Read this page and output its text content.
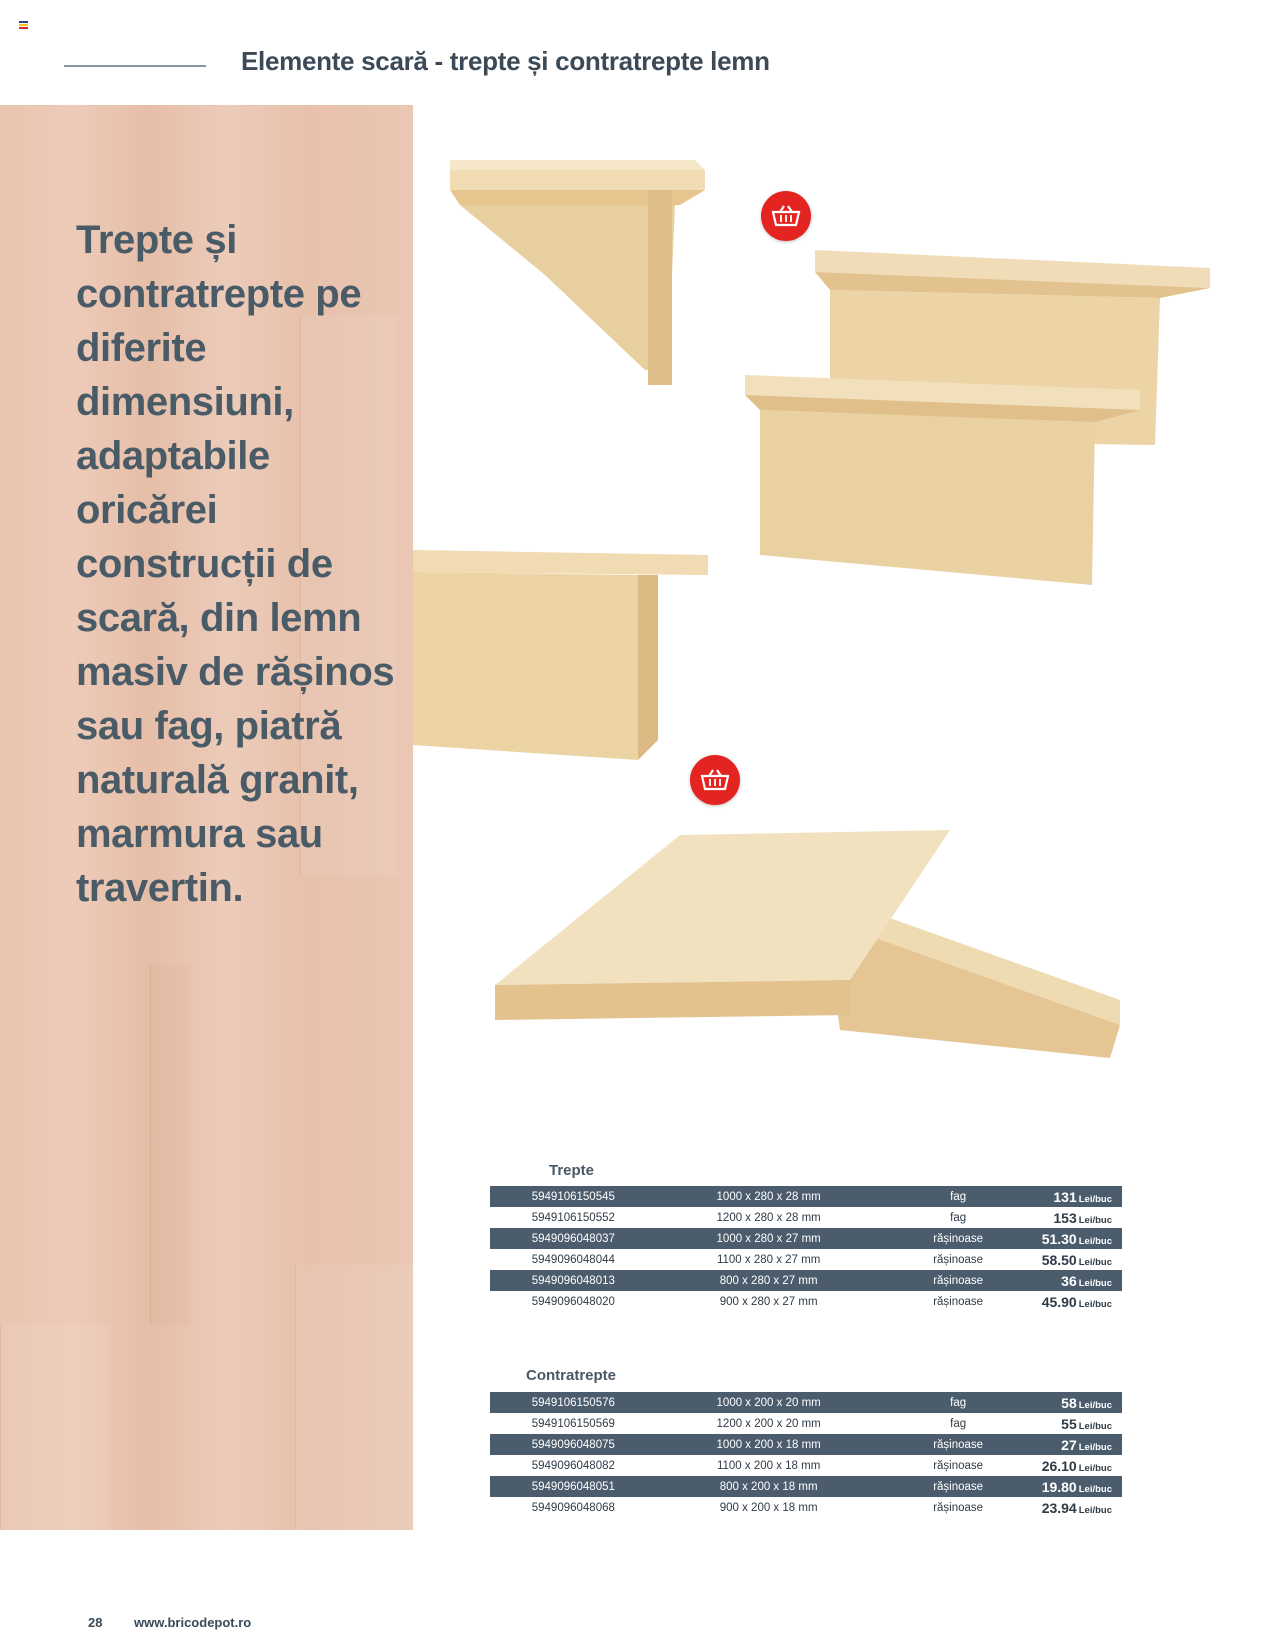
Elemente scară - trepte și contratrepte lemn

Trepte și contratrepte pe diferite dimensiuni, adaptabile oricărei construcții de scară, din lemn masiv de rășinos sau fag, piatră naturală granit, marmura sau travertin.

Trepte
5949106150545	1000 x 280 x 28 mm	fag	131 Lei/buc
5949106150552	1200 x 280 x 28 mm	fag	153 Lei/buc
5949096048037	1000 x 280 x 27 mm	rășinoase	51.30 Lei/buc
5949096048044	1100 x 280 x 27 mm	rășinoase	58.50 Lei/buc
5949096048013	800 x 280 x 27 mm	rășinoase	36 Lei/buc
5949096048020	900 x 280 x 27 mm	rășinoase	45.90 Lei/buc
Contratrepte
5949106150576	1000 x 200 x 20 mm	fag	58 Lei/buc
5949106150569	1200 x 200 x 20 mm	fag	55 Lei/buc
5949096048075	1000 x 200 x 18 mm	rășinoase	27 Lei/buc
5949096048082	1100 x 200 x 18 mm	rășinoase	26.10 Lei/buc
5949096048051	800 x 200 x 18 mm	rășinoase	19.80 Lei/buc
5949096048068	900 x 200 x 18 mm	rășinoase	23.94 Lei/buc
28 www.bricodepot.ro
